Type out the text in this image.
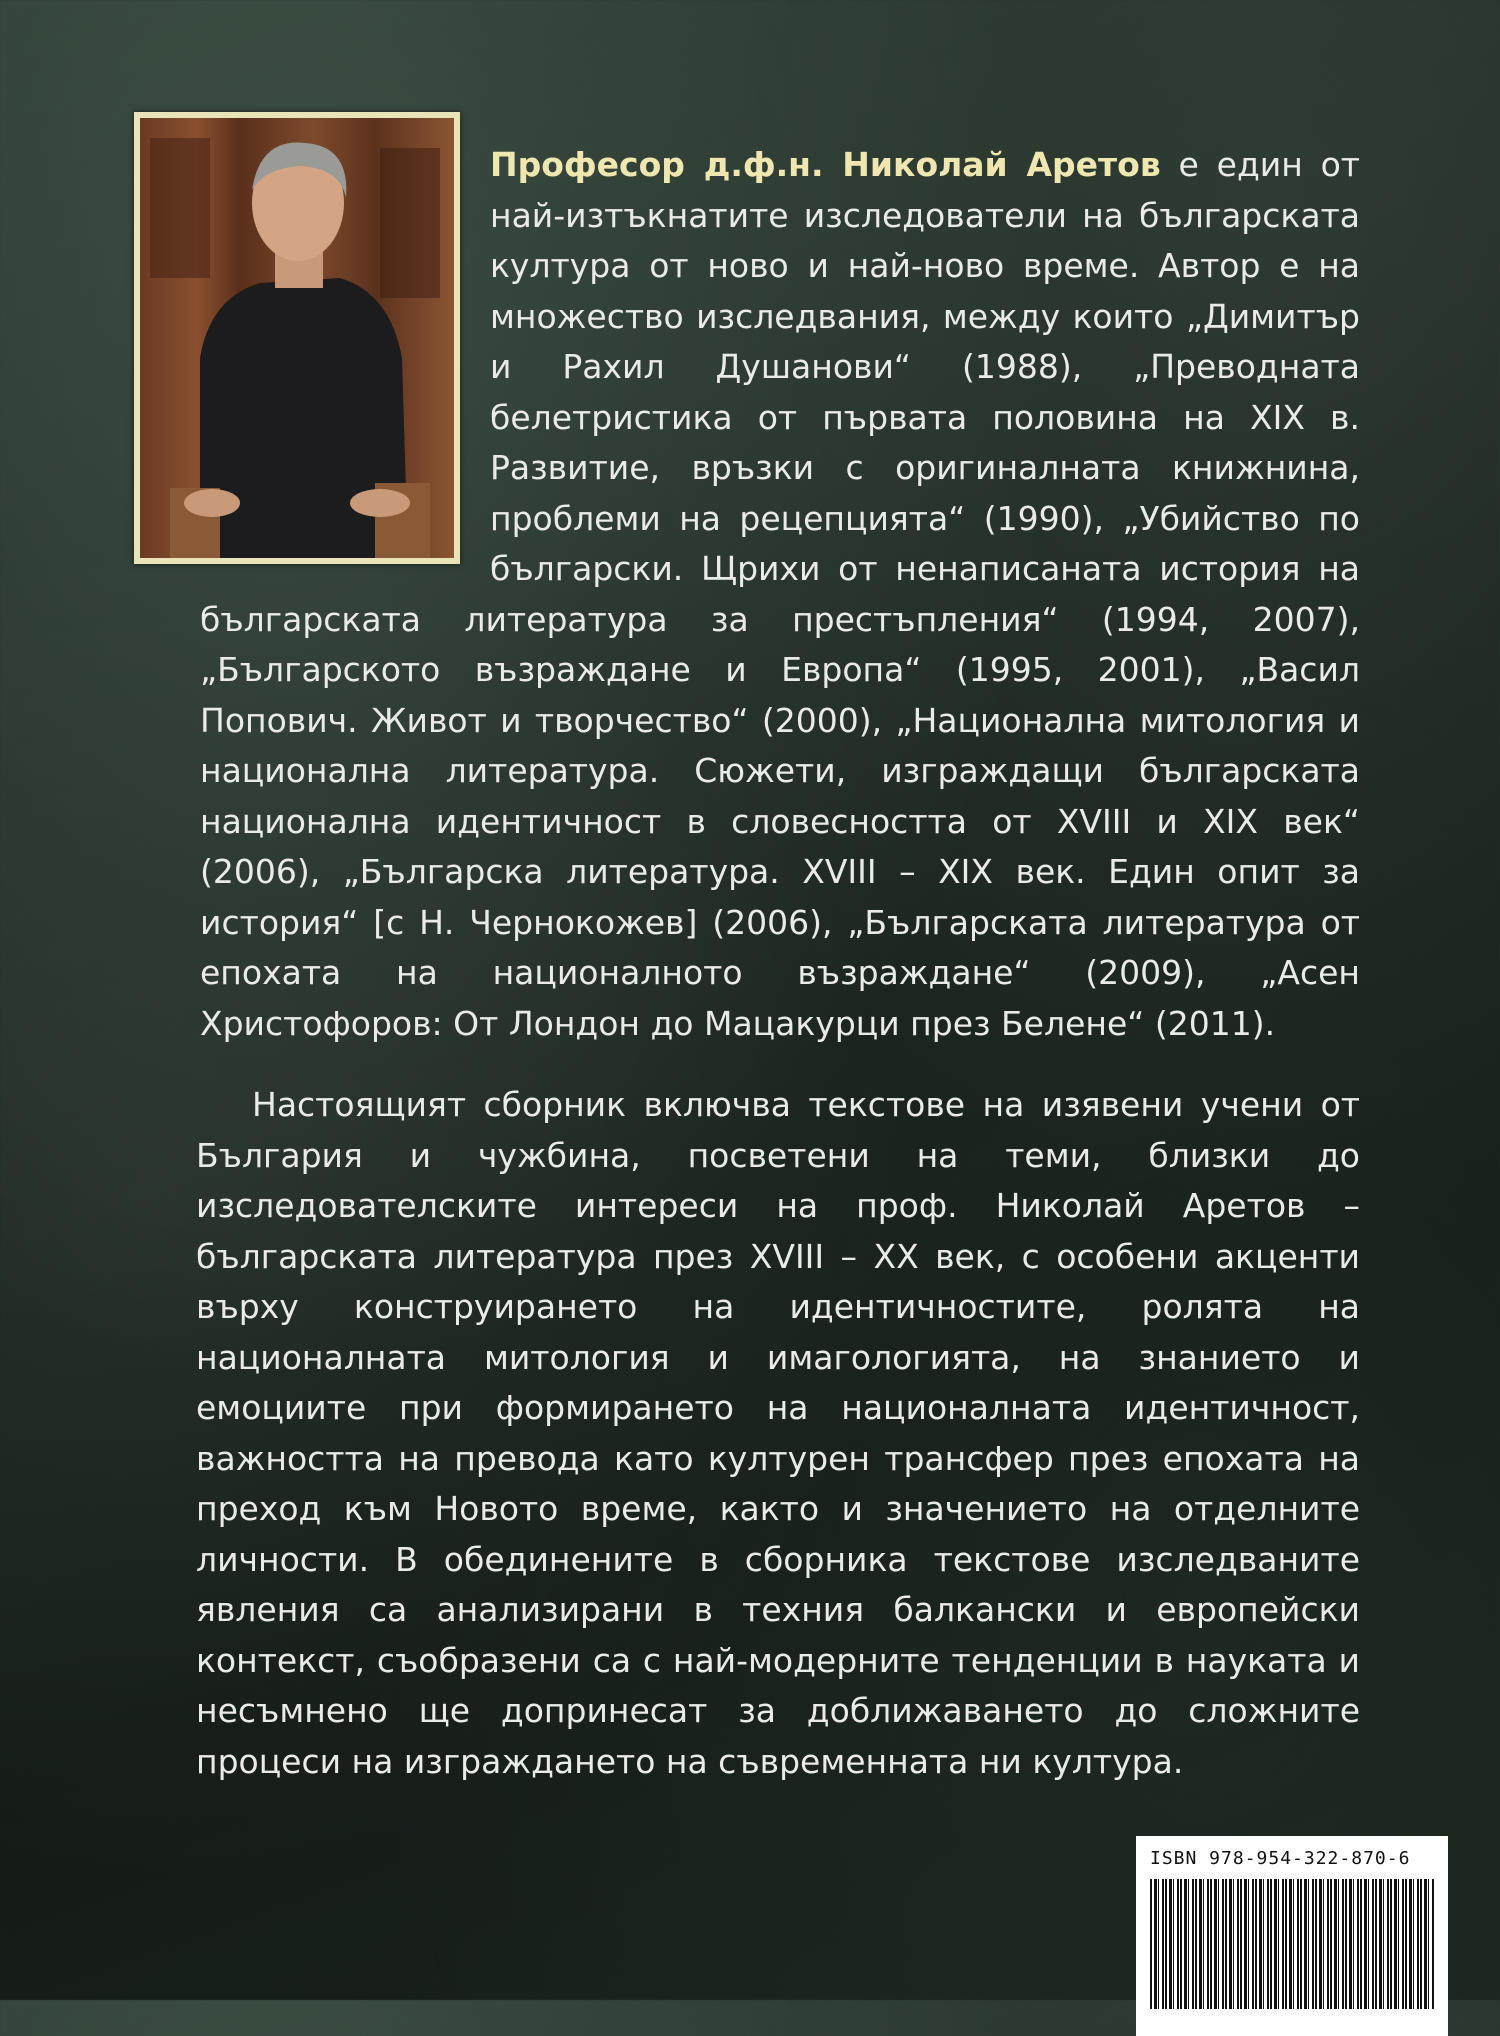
Професор д.ф.н. Николай Аретов е един от най-изтъкнатите изследователи на българската култура от ново и най-ново време. Автор е на множество изследвания, между които „Димитър и Рахил Душанови“ (1988), „Преводната белетристика от първата половина на XIX в. Развитие, връзки с оригиналната книжнина, проблеми на рецепцията“ (1990), „Убийство по български. Щрихи от ненаписаната история на българската литература за престъпления“ (1994, 2007), „Българското възраждане и Европа“ (1995, 2001), „Васил Попович. Живот и творчество“ (2000), „Национална митология и национална литература. Сюжети, изграждащи българската национална идентичност в словесността от XVIII и XIX век“ (2006), „Българска литература. XVIII – XIX век. Един опит за история“ [с Н. Чернокожев] (2006), „Българската литература от епохата на националното възраждане“ (2009), „Асен Христофоров: От Лондон до Мацакурци през Белене“ (2011).
Настоящият сборник включва текстове на изявени учени от България и чужбина, посветени на теми, близки до изследователските интереси на проф. Николай Аретов – българската литература през XVIII – XX век, с особени акценти върху конструирането на идентичностите, ролята на националната митология и имагологията, на знанието и емоциите при формирането на националната идентичност, важността на превода като културен трансфер през епохата на преход към Новото време, както и значението на отделните личности. В обединените в сборника текстове изследваните явления са анализирани в техния балкански и европейски контекст, съобразени са с най-модерните тенденции в науката и несъмнено ще допринесат за доближаването до сложните процеси на изграждането на съвременната ни култура.
ISBN 978-954-322-870-6
